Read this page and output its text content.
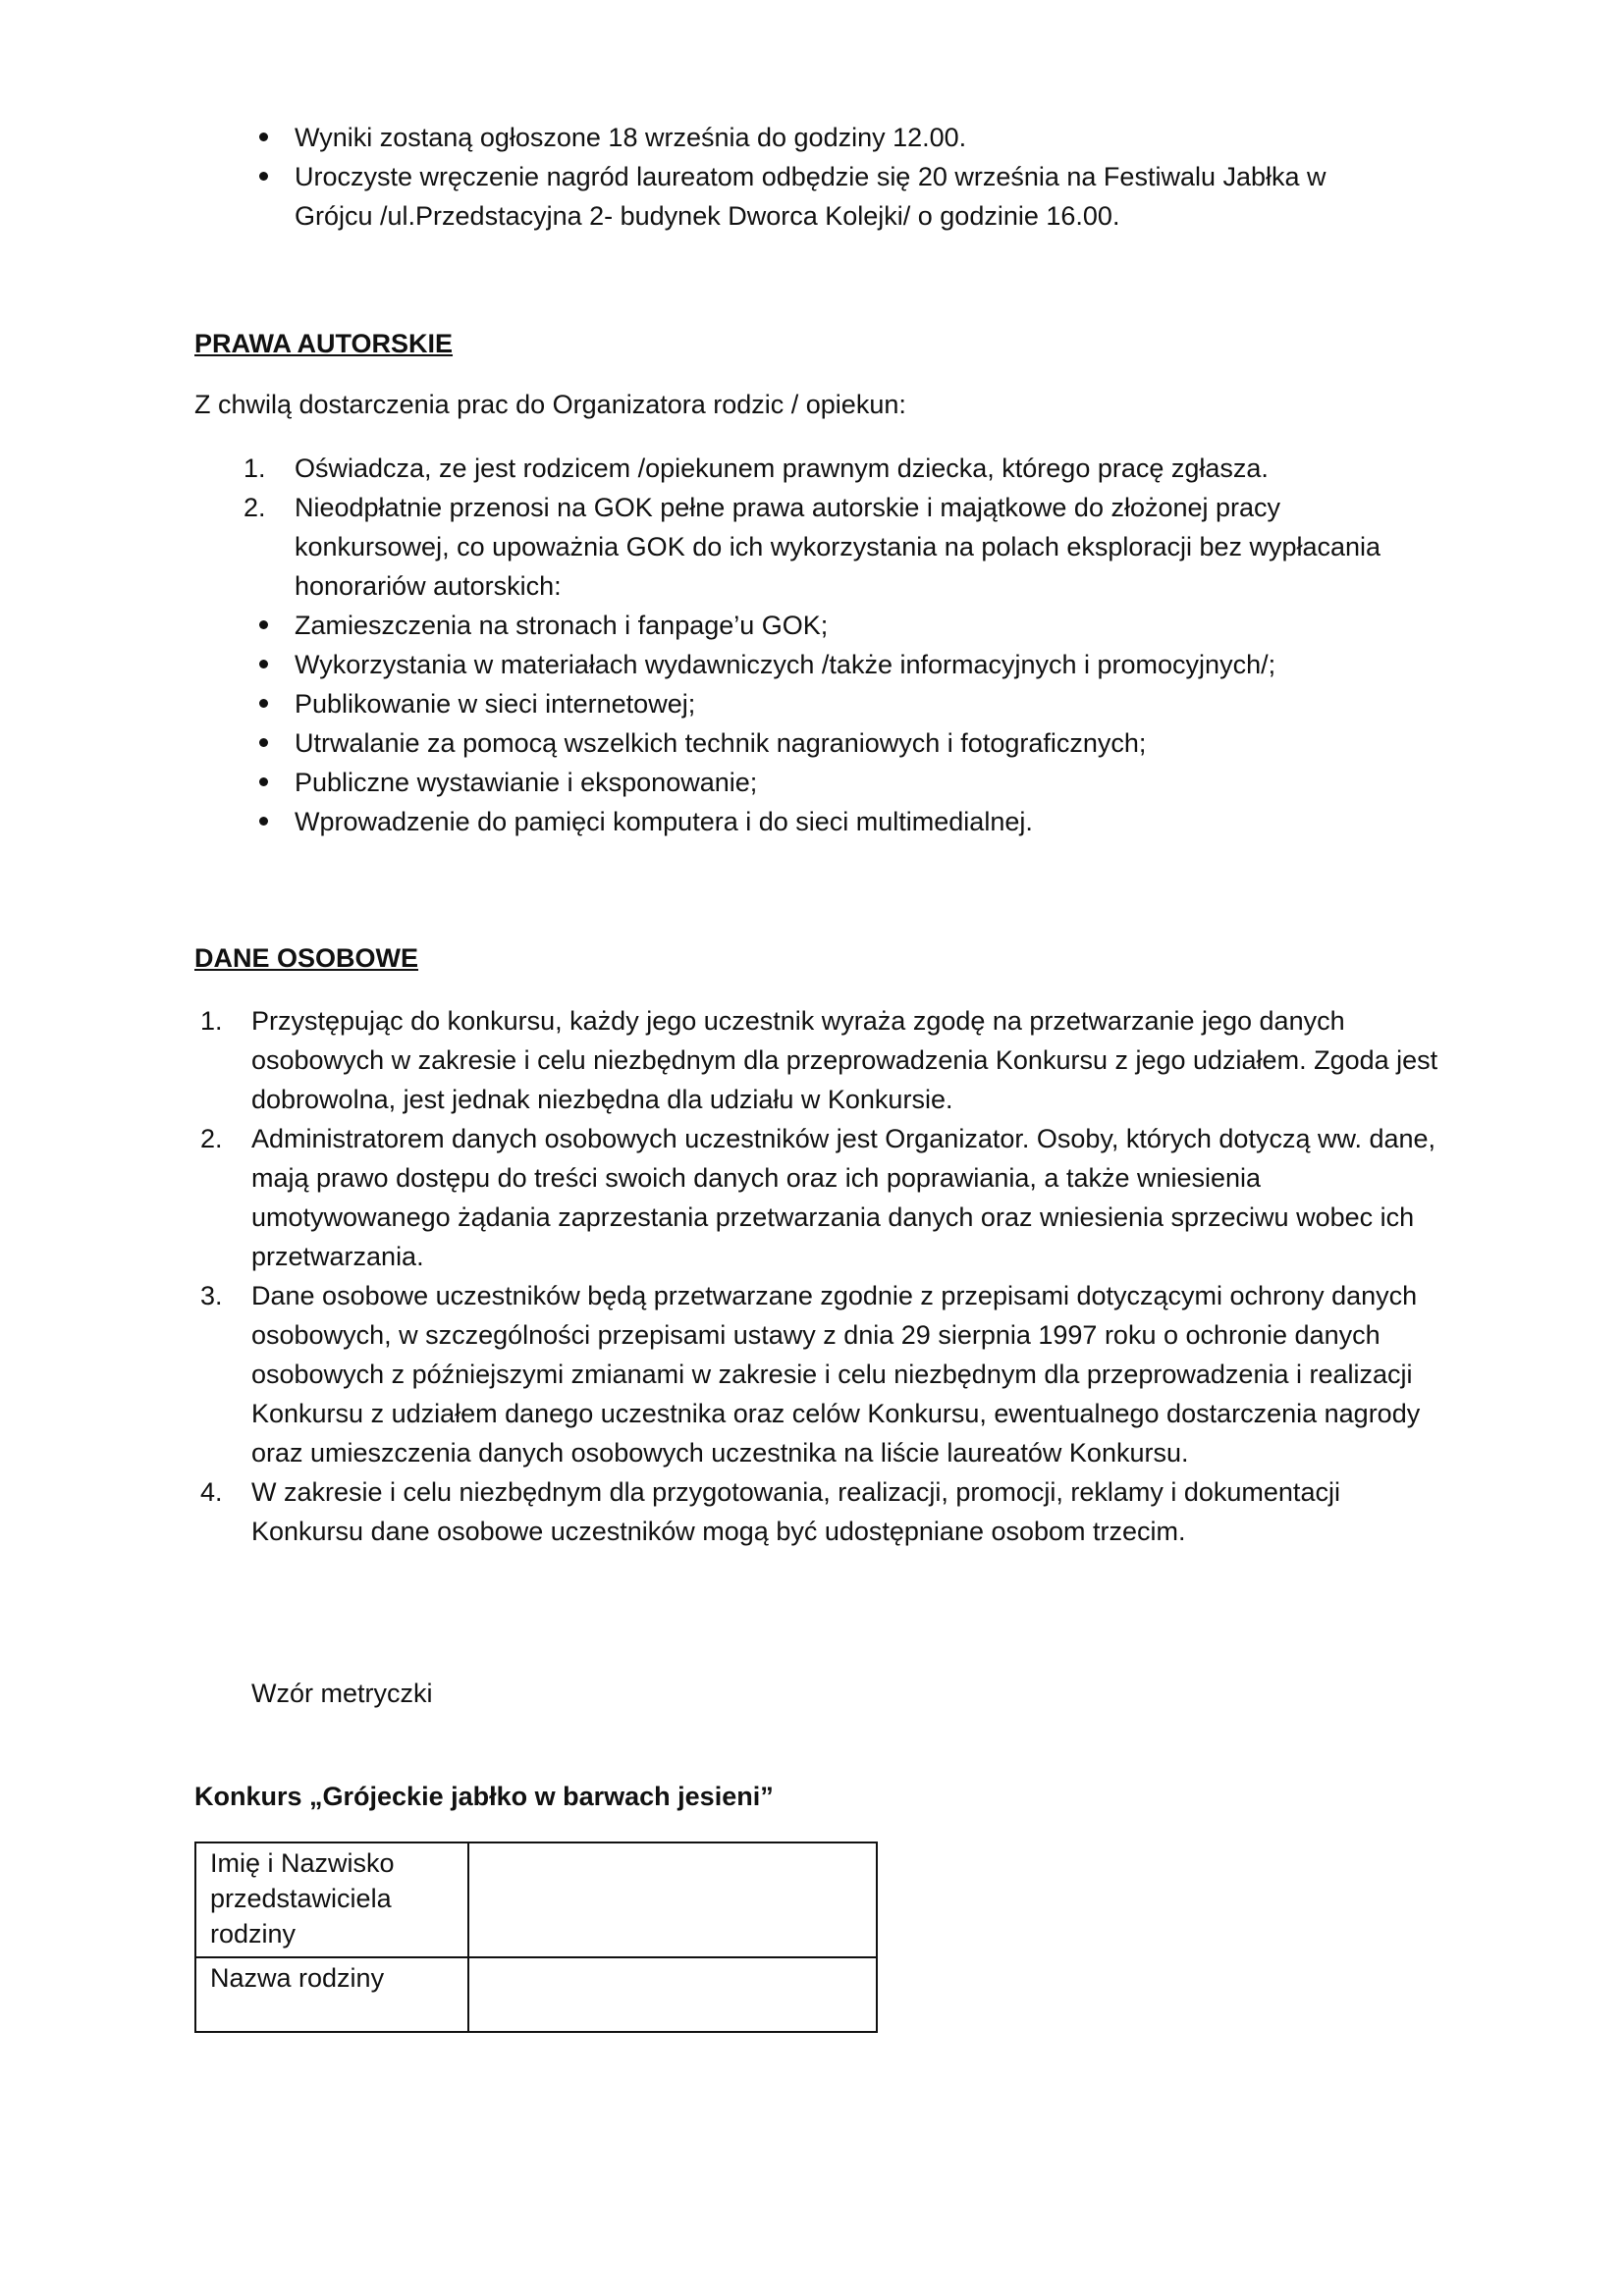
Wyniki zostaną ogłoszone 18 września do godziny 12.00.
Uroczyste wręczenie nagród laureatom odbędzie się 20 września na Festiwalu Jabłka w Grójcu /ul.Przedstacyjna 2- budynek Dworca Kolejki/ o godzinie 16.00.
PRAWA AUTORSKIE
Z chwilą dostarczenia prac do Organizatora rodzic / opiekun:
1.	Oświadcza, ze jest rodzicem /opiekunem prawnym dziecka, którego pracę zgłasza.
2.	Nieodpłatnie przenosi na GOK pełne prawa autorskie i majątkowe do złożonej pracy konkursowej, co upoważnia GOK do ich wykorzystania na polach eksploracji bez wypłacania honorariów autorskich:
Zamieszczenia na stronach i fanpage’u GOK;
Wykorzystania w materiałach wydawniczych /także informacyjnych i promocyjnych/;
Publikowanie w sieci internetowej;
Utrwalanie za pomocą wszelkich technik nagraniowych i fotograficznych;
Publiczne wystawianie i eksponowanie;
Wprowadzenie do pamięci komputera i do sieci multimedialnej.
DANE OSOBOWE
1.	Przystępując do konkursu, każdy jego uczestnik wyraża zgodę na przetwarzanie jego danych osobowych w zakresie i celu niezbędnym dla przeprowadzenia Konkursu z jego udziałem. Zgoda jest dobrowolna, jest jednak niezbędna dla udziału w Konkursie.
2.	Administratorem danych osobowych uczestników jest Organizator. Osoby, których dotyczą ww. dane, mają prawo dostępu do treści swoich danych oraz ich poprawiania, a także wniesienia umotywowanego żądania zaprzestania przetwarzania danych oraz wniesienia sprzeciwu wobec ich przetwarzania.
3.	Dane osobowe uczestników będą przetwarzane zgodnie z przepisami dotyczącymi ochrony danych osobowych, w szczególności przepisami ustawy z dnia 29 sierpnia 1997 roku o ochronie danych osobowych z późniejszymi zmianami w zakresie i celu niezbędnym dla przeprowadzenia i realizacji Konkursu z udziałem danego uczestnika oraz celów Konkursu, ewentualnego dostarczenia nagrody oraz umieszczenia danych osobowych uczestnika na liście laureatów Konkursu.
4.	W zakresie i celu niezbędnym dla przygotowania, realizacji, promocji, reklamy i dokumentacji Konkursu dane osobowe uczestników mogą być udostępniane osobom trzecim.
Wzór metryczki
Konkurs „Grójeckie jabłko w barwach jesieni”
Imię i Nazwisko przedstawiciela rodziny	
Nazwa rodziny	
